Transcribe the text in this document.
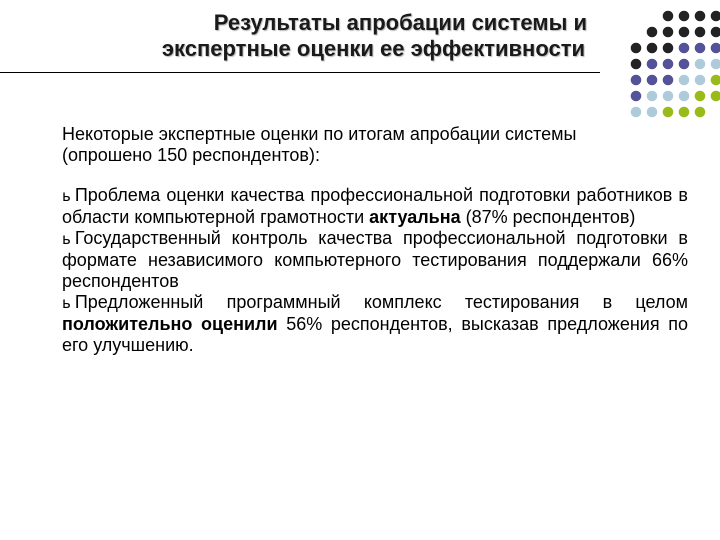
Результаты апробации системы и
экспертные оценки ее эффективности

Некоторые экспертные оценки по итогам апробации системы
(опрошено 150 респондентов):

ь Проблема оценки качества профессиональной подготовки работников в области компьютерной грамотности актуальна (87% респондентов)

ь Государственный контроль качества профессиональной подготовки в формате независимого компьютерного тестирования поддержали 66% респондентов

ь Предложенный программный комплекс тестирования в целом положительно оценили 56% респондентов, высказав предложения по его улучшению.
